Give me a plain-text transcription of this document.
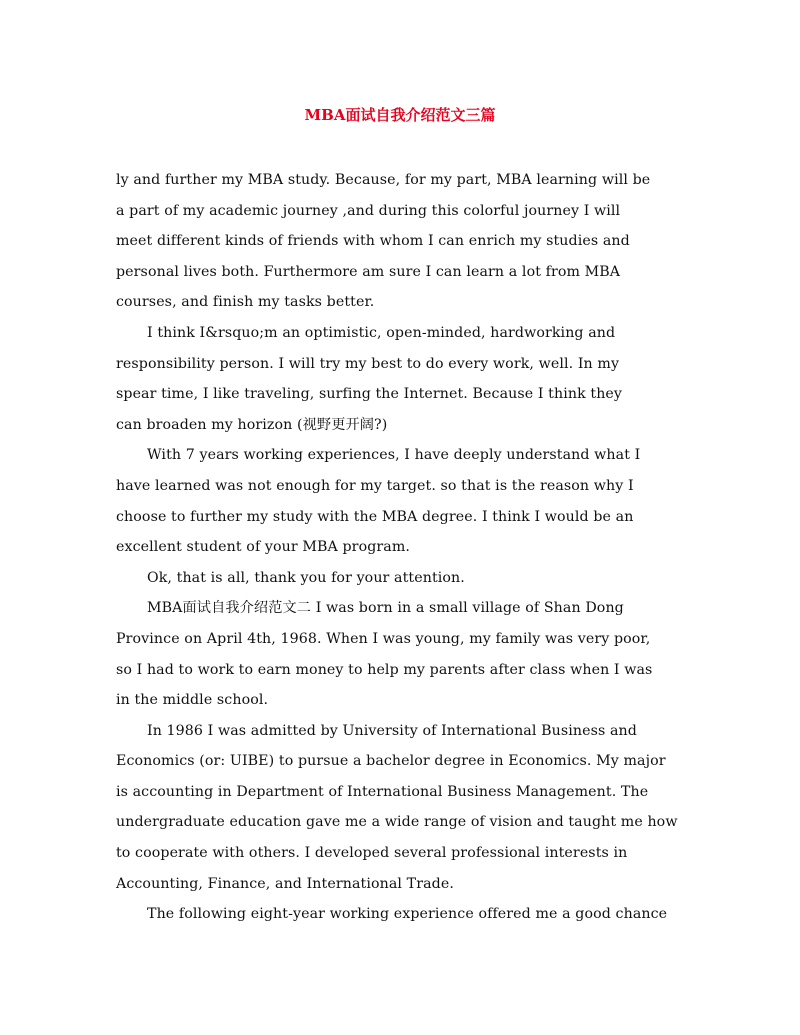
MBA面试自我介绍范文三篇
ly and further my MBA study. Because, for my part, MBA learning will be
a part of my academic journey ,and during this colorful journey I will
meet different kinds of friends with whom I can enrich my studies and
personal lives both. Furthermore am sure I can learn a lot from MBA
courses, and finish my tasks better.
I think I&rsquo;m an optimistic, open-minded, hardworking and
responsibility person. I will try my best to do every work, well. In my
spear time, I like traveling, surfing the Internet. Because I think they
can broaden my horizon (视野更开阔?)
With 7 years working experiences, I have deeply understand what I
have learned was not enough for my target. so that is the reason why I
choose to further my study with the MBA degree. I think I would be an
excellent student of your MBA program.
Ok, that is all, thank you for your attention.
MBA面试自我介绍范文二 I was born in a small village of Shan Dong
Province on April 4th, 1968. When I was young, my family was very poor,
so I had to work to earn money to help my parents after class when I was
in the middle school.
In 1986 I was admitted by University of International Business and
Economics (or: UIBE) to pursue a bachelor degree in Economics. My major
is accounting in Department of International Business Management. The
undergraduate education gave me a wide range of vision and taught me how
to cooperate with others. I developed several professional interests in
Accounting, Finance, and International Trade.
The following eight-year working experience offered me a good chance
